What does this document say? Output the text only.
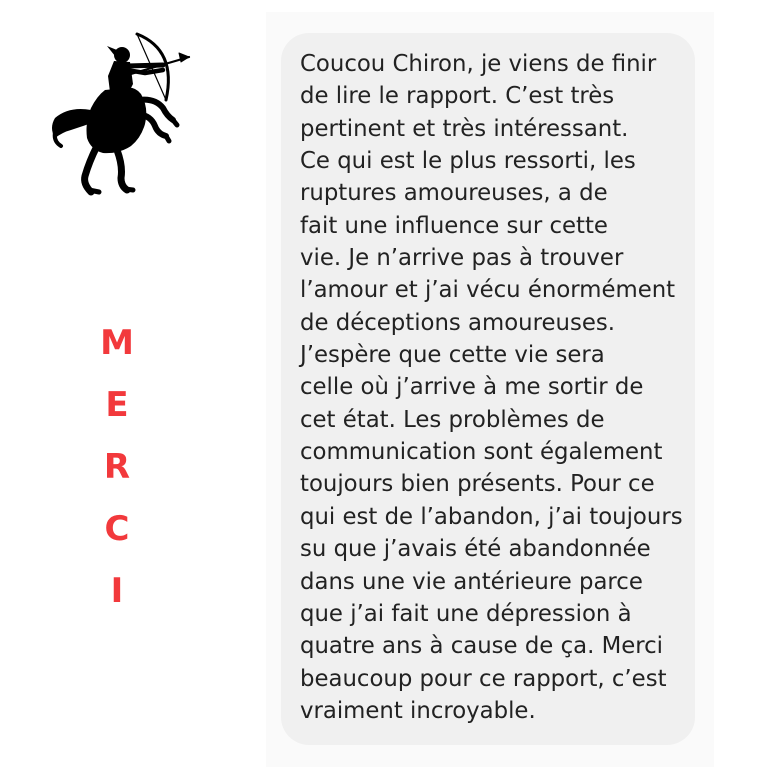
M
E
R
C
I
Coucou Chiron, je viens de finir
de lire le rapport. C’est très
pertinent et très intéressant.
Ce qui est le plus ressorti, les
ruptures amoureuses, a de
fait une influence sur cette
vie. Je n’arrive pas à trouver
l’amour et j’ai vécu énormément
de déceptions amoureuses.
J’espère que cette vie sera
celle où j’arrive à me sortir de
cet état. Les problèmes de
communication sont également
toujours bien présents. Pour ce
qui est de l’abandon, j’ai toujours
su que j’avais été abandonnée
dans une vie antérieure parce
que j’ai fait une dépression à
quatre ans à cause de ça. Merci
beaucoup pour ce rapport, c’est
vraiment incroyable.
